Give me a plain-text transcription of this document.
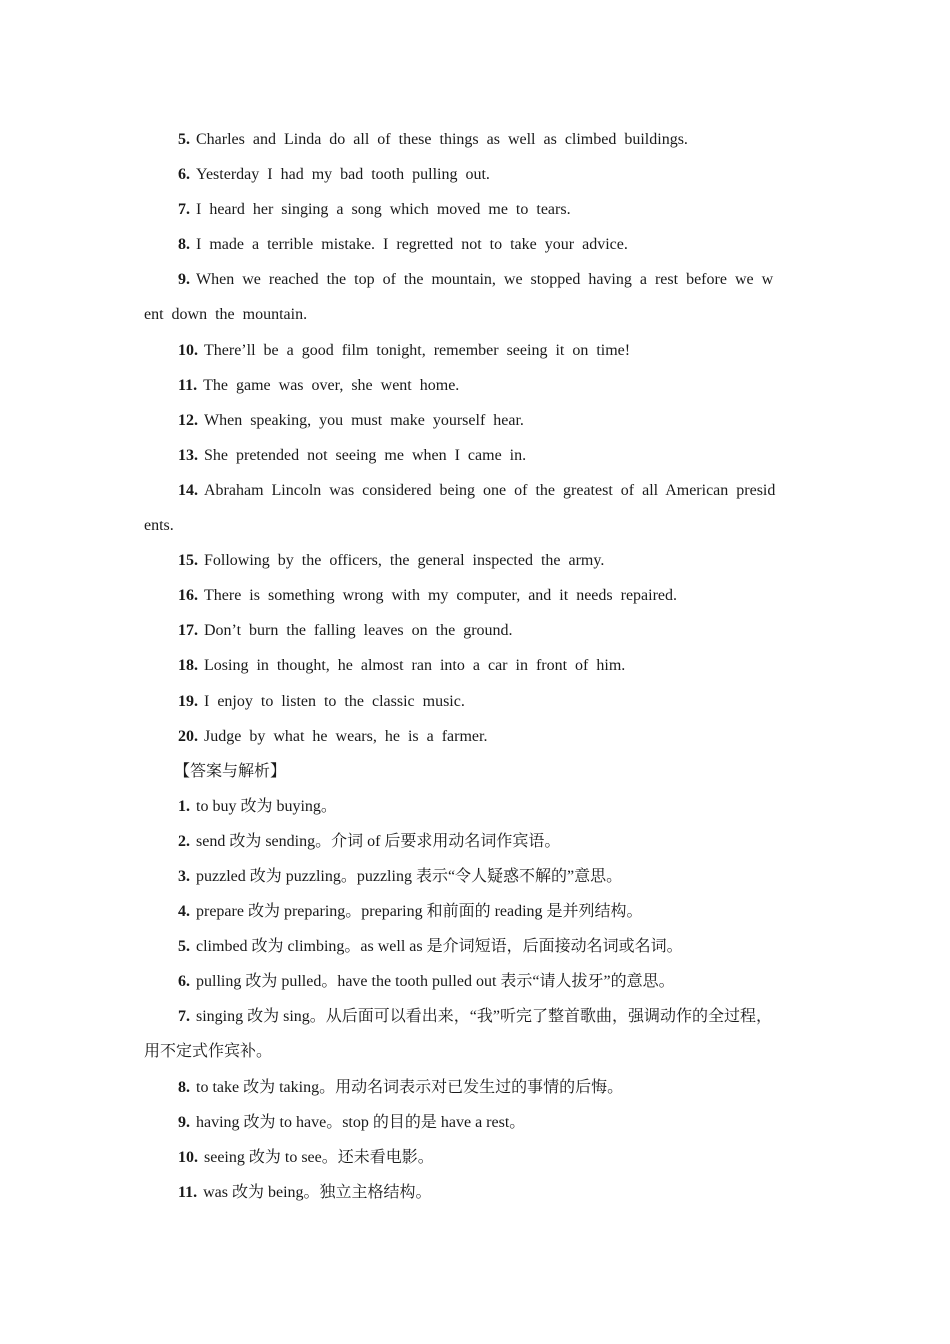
5. Charles and Linda do all of these things as well as climbed buildings.
6. Yesterday I had my bad tooth pulling out.
7. I heard her singing a song which moved me to tears.
8. I made a terrible mistake. I regretted not to take your advice.
9. When we reached the top of the mountain, we stopped having a rest before we w
ent down the mountain.
10. There’ll be a good film tonight, remember seeing it on time!
11. The game was over, she went home.
12. When speaking, you must make yourself hear.
13. She pretended not seeing me when I came in.
14. Abraham Lincoln was considered being one of the greatest of all American presid
ents.
15. Following by the officers, the general inspected the army.
16. There is something wrong with my computer, and it needs repaired.
17. Don’t burn the falling leaves on the ground.
18. Losing in thought, he almost ran into a car in front of him.
19. I enjoy to listen to the classic music.
20. Judge by what he wears, he is a farmer.
【答案与解析】
1. to buy 改为 buying。
2. send 改为 sending。介词 of 后要求用动名词作宾语。
3. puzzled 改为 puzzling。puzzling 表示“令人疑惑不解的”意思。
4. prepare 改为 preparing。preparing 和前面的 reading 是并列结构。
5. climbed 改为 climbing。as well as 是介词短语，后面接动名词或名词。
6. pulling 改为 pulled。have the tooth pulled out 表示“请人拔牙”的意思。
7. singing 改为 sing。从后面可以看出来，“我”听完了整首歌曲，强调动作的全过程，
用不定式作宾补。
8. to take 改为 taking。用动名词表示对已发生过的事情的后悔。
9. having 改为 to have。stop 的目的是 have a rest。
10. seeing 改为 to see。还未看电影。
11. was 改为 being。独立主格结构。
